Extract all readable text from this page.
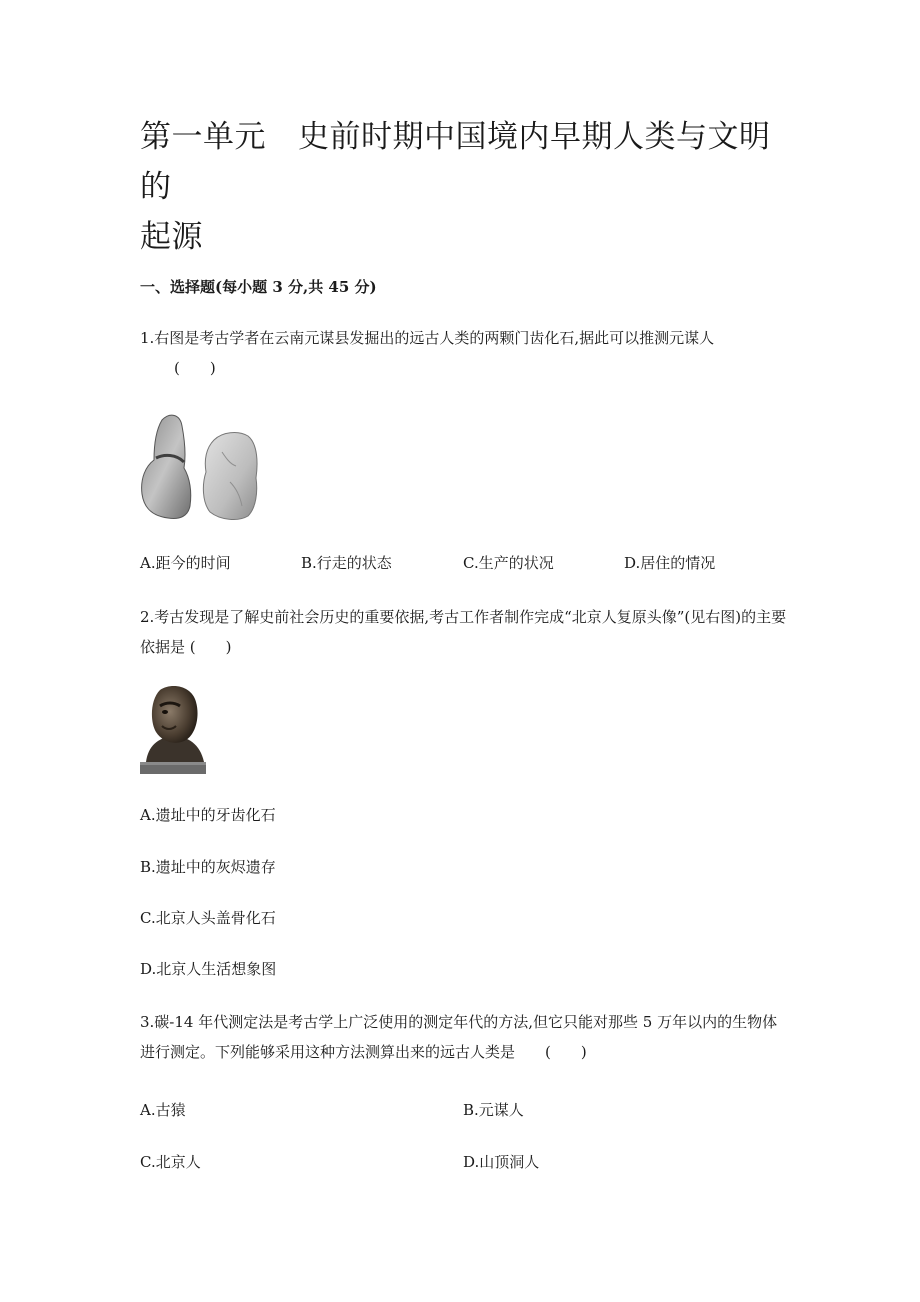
第一单元 史前时期中国境内早期人类与文明的
起源
一、选择题(每小题 3 分,共 45 分)
1.右图是考古学者在云南元谋县发掘出的远古人类的两颗门齿化石,据此可以推测元谋人
(　　)
A.距今的时间	B.行走的状态	C.生产的状况	D.居住的情况
2.考古发现是了解史前社会历史的重要依据,考古工作者制作完成“北京人复原头像”(见右图)的主要依据是 (　　)
A.遗址中的牙齿化石
B.遗址中的灰烬遗存
C.北京人头盖骨化石
D.北京人生活想象图
3.碳-14 年代测定法是考古学上广泛使用的测定年代的方法,但它只能对那些 5 万年以内的生物体进行测定。下列能够采用这种方法测算出来的远古人类是　　(　　)
A.古猿	B.元谋人
C.北京人	D.山顶洞人
